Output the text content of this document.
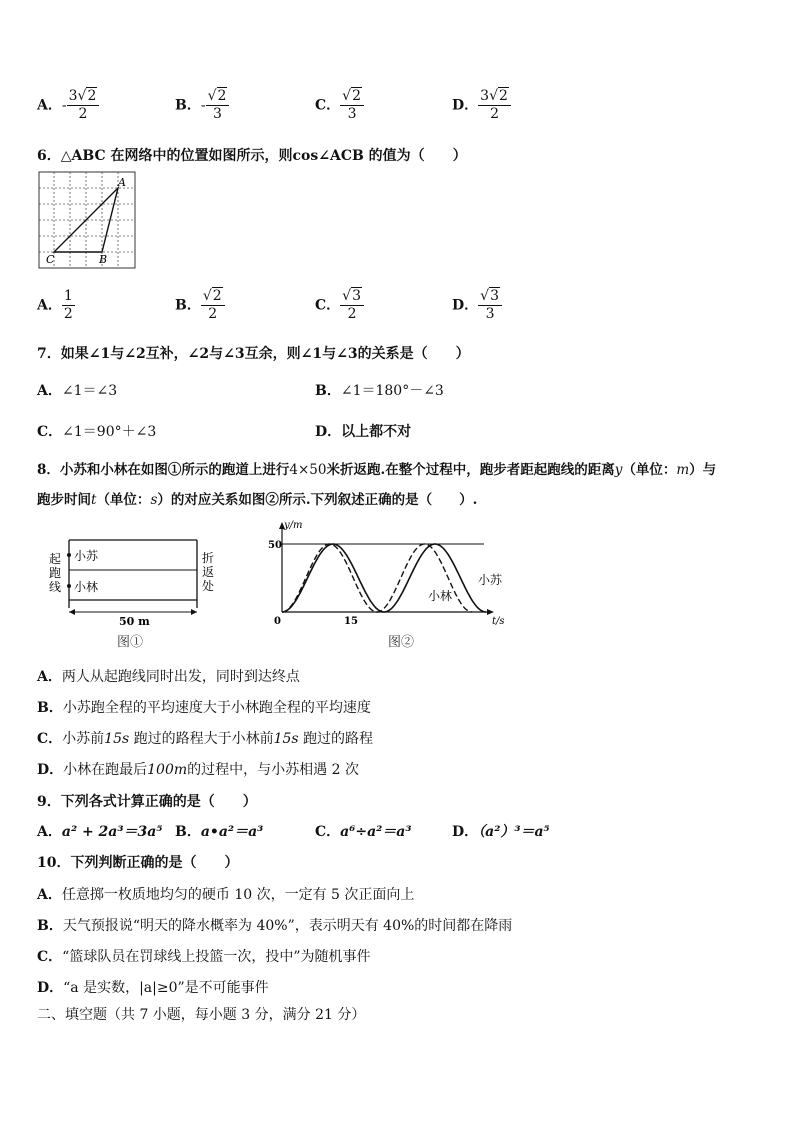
A．- $\frac{3√2}{2}$	B．- $\frac{√2}{3}$	C． $\frac{√2}{3}$	D． $\frac{3√2}{2}$
6．△ABC 在网络中的位置如图所示，则cos∠ACB 的值为（　　）
A
C	B
A． $\frac{1}{2}$	B． $\frac{√2}{2}$	C． $\frac{√3}{2}$	D． $\frac{√3}{3}$
7．如果∠1与∠2互补，∠2与∠3互余，则∠1与∠3的关系是（　　）
A．∠1＝∠3	B．∠1＝180°－∠3
C．∠1＝90°＋∠3	D．以上都不对
8．小苏和小林在如图①所示的跑道上进行4×50米折返跑.在整个过程中，跑步者距起跑线的距离y（单位：m）与
跑步时间t（单位：s）的对应关系如图②所示.下列叙述正确的是（　　）.
起
跑
线
折
返
处
小苏
小林
50 m
图①
y/m
t/s
50
15
0
小苏
小林
图②
A．两人从起跑线同时出发，同时到达终点
B．小苏跑全程的平均速度大于小林跑全程的平均速度
C．小苏前15s 跑过的路程大于小林前15s 跑过的路程
D．小林在跑最后100m的过程中，与小苏相遇 2 次
9．下列各式计算正确的是（　　）
A．a² + 2a³＝3a⁵ B．a•a²＝a³	C．a⁶÷a²＝a³	D．（a²）³＝a⁵
10．下列判断正确的是（　　）
A．任意掷一枚质地均匀的硬币 10 次，一定有 5 次正面向上
B．天气预报说“明天的降水概率为 40%”，表示明天有 40%的时间都在降雨
C．“篮球队员在罚球线上投篮一次，投中”为随机事件
D．“a 是实数，|a|≥0”是不可能事件
二、填空题（共 7 小题，每小题 3 分，满分 21 分）
